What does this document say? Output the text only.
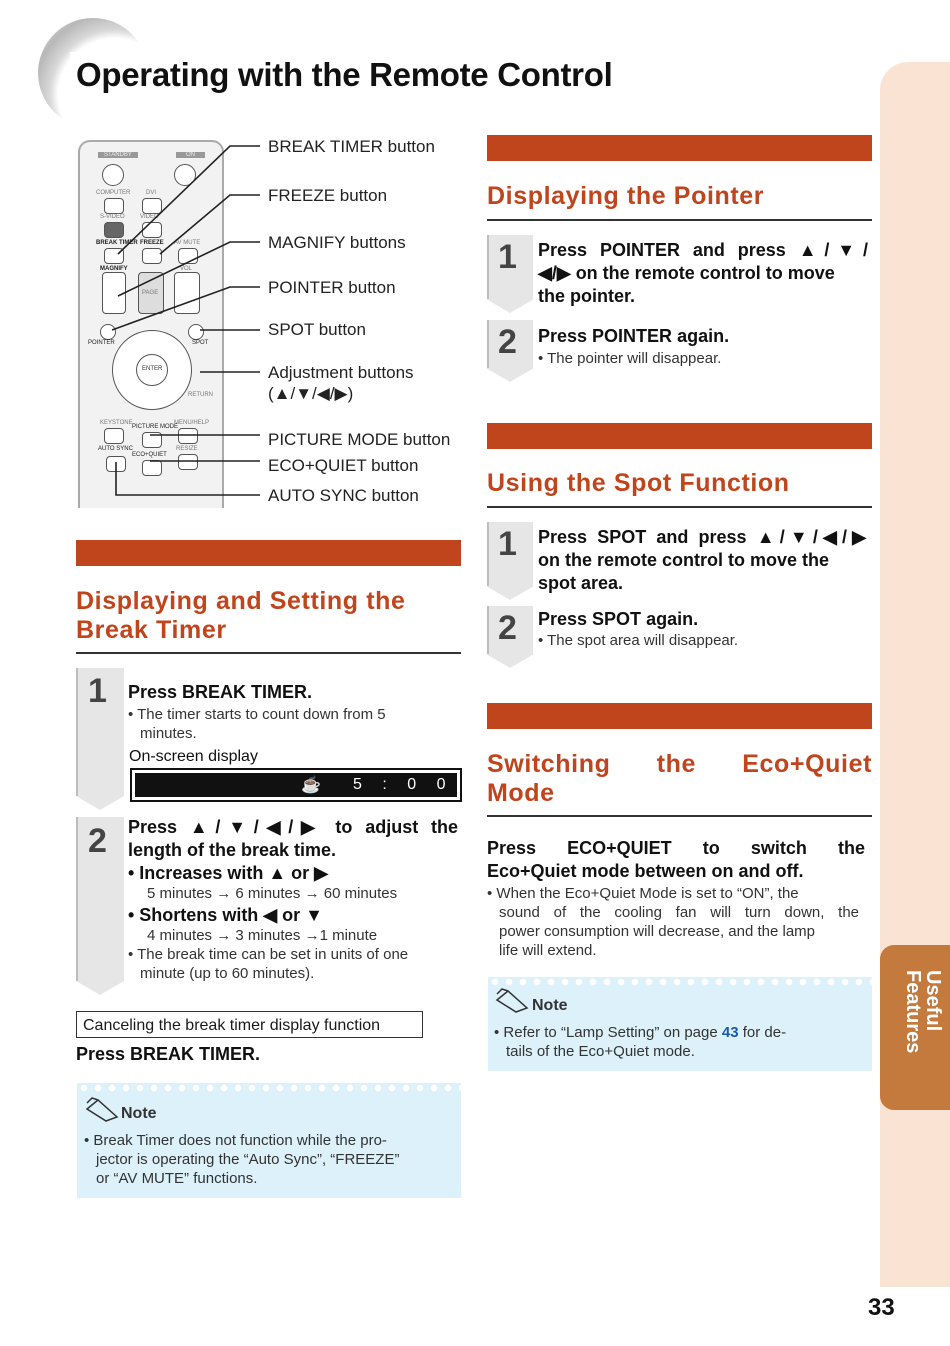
Operating with the Remote Control
Useful
Features
33
STANDBY	ON
COMPUTER	DVI
S-VIDEO	VIDEO
BREAK TIMER FREEZE AV MUTE
MAGNIFY	VOL
PAGE
POINTER	SPOT
ENTER
RETURN
KEYSTONE	MENU/HELP
PICTURE MODE
AUTO SYNC
ECO+QUIET
RESIZE
BREAK TIMER button
FREEZE button
MAGNIFY buttons
POINTER button
SPOT button
Adjustment buttons
(▲/▼/◀/▶)
PICTURE MODE button
ECO+QUIET button
AUTO SYNC button
Displaying and Setting the
Break Timer
1 Press BREAK TIMER.
• The timer starts to count down from 5
minutes.
On-screen display
☕ 5 : 0 0
2 Press ▲/▼/◀/▶ to adjust the
length of the break time.
• Increases with ▲ or ▶
5 minutes → 6 minutes → 60 minutes
• Shortens with ◀ or ▼
4 minutes → 3 minutes →1 minute
• The break time can be set in units of one
minute (up to 60 minutes).
Canceling the break timer display function
Press BREAK TIMER.
Note
• Break Timer does not function while the pro-
jector is operating the “Auto Sync”, “FREEZE”
or “AV MUTE” functions.
Displaying the Pointer
1 Press POINTER and press ▲/▼/
◀/▶ on the remote control to move
the pointer.
2 Press POINTER again.
• The pointer will disappear.
Using the Spot Function
1 Press SPOT and press ▲/▼/◀/▶
on the remote control to move the
spot area.
2 Press SPOT again.
• The spot area will disappear.
Switching the Eco+Quiet
Mode
Press ECO+QUIET to switch the
Eco+Quiet mode between on and off.
• When the Eco+Quiet Mode is set to “ON”, the
sound of the cooling fan will turn down, the
power consumption will decrease, and the lamp
life will extend.
Note
• Refer to “Lamp Setting” on page 43 for de-
tails of the Eco+Quiet mode.
